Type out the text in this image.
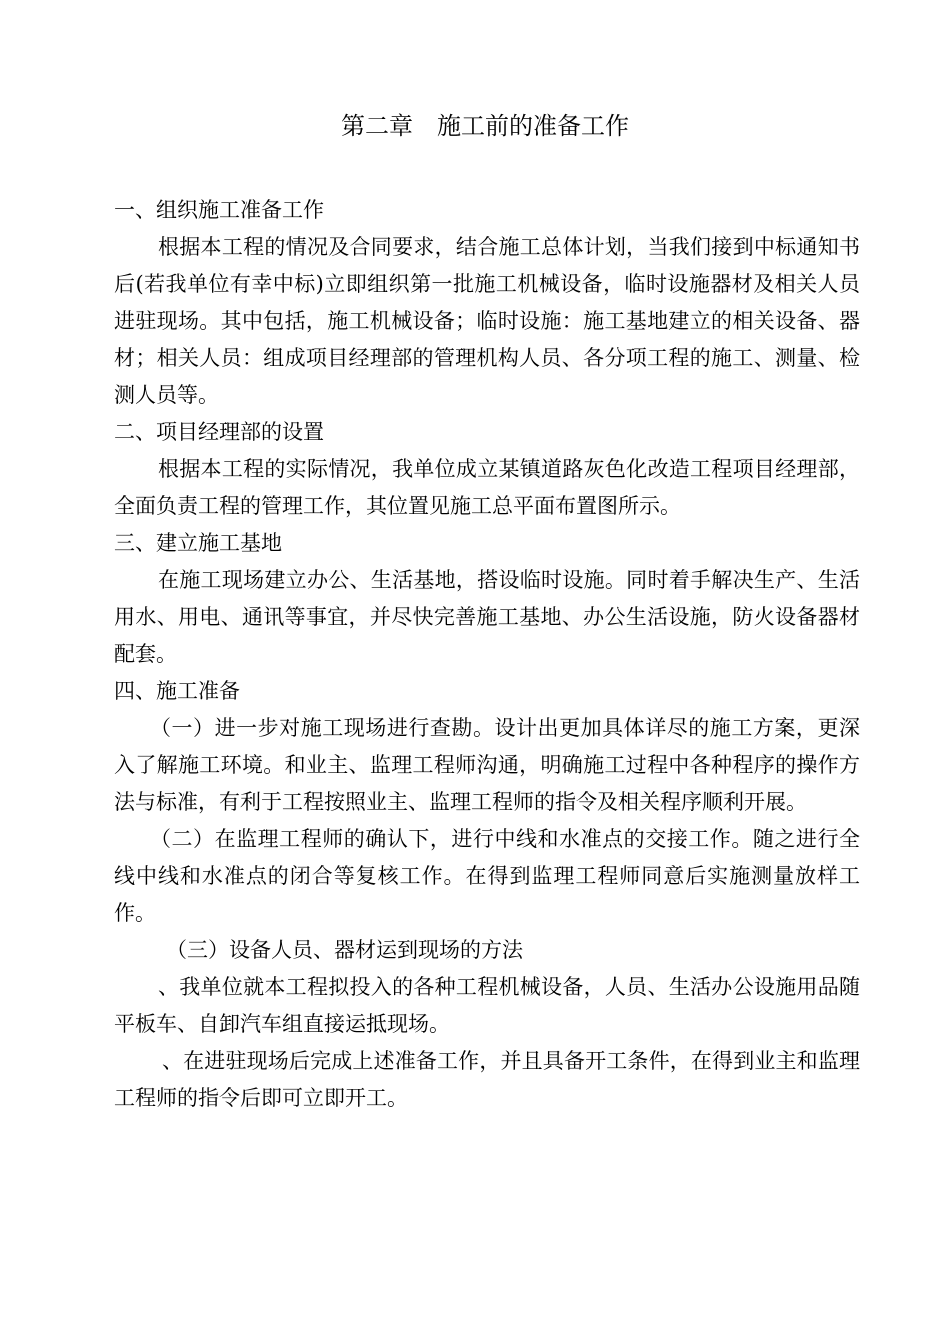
第二章　施工前的准备工作

一、组织施工准备工作

根据本工程的情况及合同要求，结合施工总体计划，当我们接到中标通知书后(若我单位有幸中标)立即组织第一批施工机械设备，临时设施器材及相关人员进驻现场。其中包括，施工机械设备；临时设施：施工基地建立的相关设备、器材；相关人员：组成项目经理部的管理机构人员、各分项工程的施工、测量、检测人员等。

二、项目经理部的设置

根据本工程的实际情况，我单位成立某镇道路灰色化改造工程项目经理部，全面负责工程的管理工作，其位置见施工总平面布置图所示。

三、建立施工基地

在施工现场建立办公、生活基地，搭设临时设施。同时着手解决生产、生活用水、用电、通讯等事宜，并尽快完善施工基地、办公生活设施，防火设备器材配套。

四、施工准备

（一）进一步对施工现场进行查勘。设计出更加具体详尽的施工方案，更深入了解施工环境。和业主、监理工程师沟通，明确施工过程中各种程序的操作方法与标准，有利于工程按照业主、监理工程师的指令及相关程序顺利开展。

（二）在监理工程师的确认下，进行中线和水准点的交接工作。随之进行全线中线和水准点的闭合等复核工作。在得到监理工程师同意后实施测量放样工作。

（三）设备人员、器材运到现场的方法

、我单位就本工程拟投入的各种工程机械设备，人员、生活办公设施用品随平板车、自卸汽车组直接运抵现场。

、在进驻现场后完成上述准备工作，并且具备开工条件，在得到业主和监理工程师的指令后即可立即开工。
